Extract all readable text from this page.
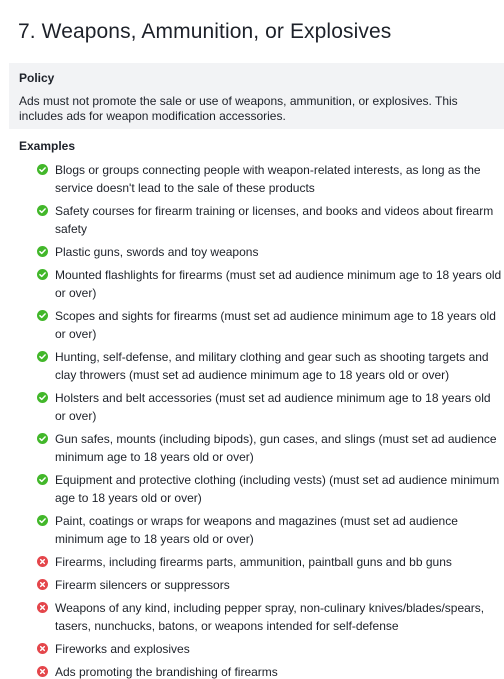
7. Weapons, Ammunition, or Explosives
Policy
Ads must not promote the sale or use of weapons, ammunition, or explosives. This includes ads for weapon modification accessories.
Examples
Blogs or groups connecting people with weapon-related interests, as long as the service doesn't lead to the sale of these products
Safety courses for firearm training or licenses, and books and videos about firearm safety
Plastic guns, swords and toy weapons
Mounted flashlights for firearms (must set ad audience minimum age to 18 years old or over)
Scopes and sights for firearms (must set ad audience minimum age to 18 years old or over)
Hunting, self-defense, and military clothing and gear such as shooting targets and clay throwers (must set ad audience minimum age to 18 years old or over)
Holsters and belt accessories (must set ad audience minimum age to 18 years old or over)
Gun safes, mounts (including bipods), gun cases, and slings (must set ad audience minimum age to 18 years old or over)
Equipment and protective clothing (including vests) (must set ad audience minimum age to 18 years old or over)
Paint, coatings or wraps for weapons and magazines (must set ad audience minimum age to 18 years old or over)
Firearms, including firearms parts, ammunition, paintball guns and bb guns
Firearm silencers or suppressors
Weapons of any kind, including pepper spray, non-culinary knives/blades/spears, tasers, nunchucks, batons, or weapons intended for self-defense
Fireworks and explosives
Ads promoting the brandishing of firearms
